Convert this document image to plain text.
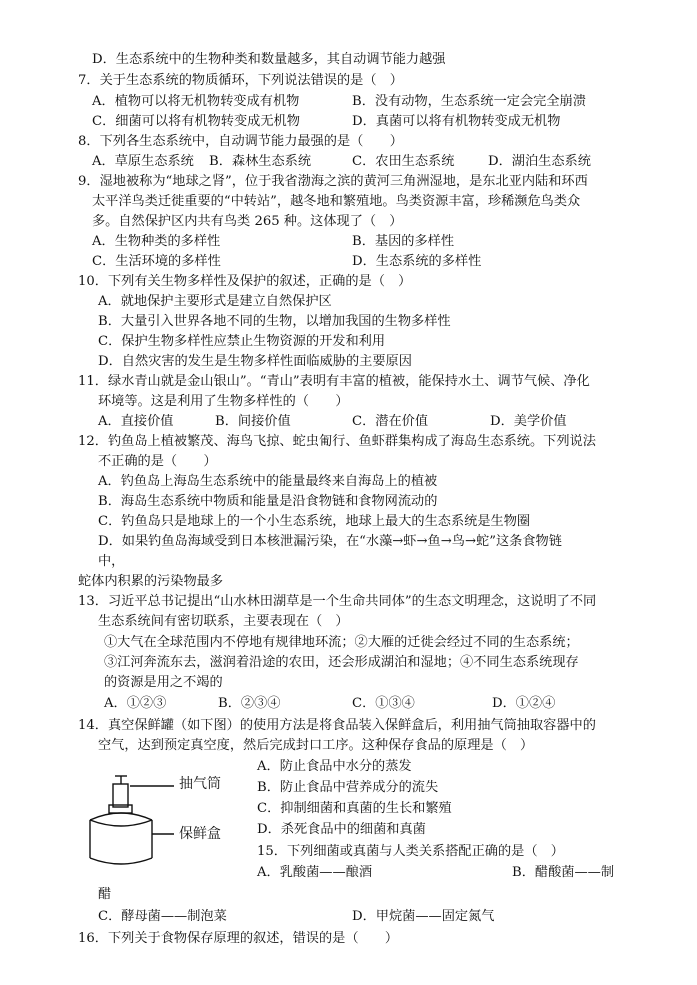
D．生态系统中的生物种类和数量越多，其自动调节能力越强
7．关于生态系统的物质循环，下列说法错误的是（　）
A．植物可以将无机物转变成有机物	B．没有动物，生态系统一定会完全崩溃
C．细菌可以将有机物转变成无机物	D．真菌可以将有机物转变成无机物
8．下列各生态系统中，自动调节能力最强的是（　　）
A．草原生态系统 B．森林生态系统	C．农田生态系统	D．湖泊生态系统
9．湿地被称为“地球之肾”，位于我省渤海之滨的黄河三角洲湿地，是东北亚内陆和环西
太平洋鸟类迁徙重要的“中转站”，越冬地和繁殖地。鸟类资源丰富，珍稀濒危鸟类众
多。自然保护区内共有鸟类 265 种。这体现了（　）
A．生物种类的多样性	B．基因的多样性
C．生活环境的多样性	D．生态系统的多样性
10．下列有关生物多样性及保护的叙述，正确的是（　）
A．就地保护主要形式是建立自然保护区
B．大量引入世界各地不同的生物，以增加我国的生物多样性
C．保护生物多样性应禁止生物资源的开发和利用
D．自然灾害的发生是生物多样性面临威胁的主要原因
11．绿水青山就是金山银山”。“青山”表明有丰富的植被，能保持水土、调节气候、净化
环境等。这是利用了生物多样性的（　　）
A．直接价值	B．间接价值	C．潜在价值	D．美学价值
12．钓鱼岛上植被繁茂、海鸟飞掠、蛇虫匍行、鱼虾群集构成了海岛生态系统。下列说法
不正确的是（　　）
A．钓鱼岛上海岛生态系统中的能量最终来自海岛上的植被
B．海岛生态系统中物质和能量是沿食物链和食物网流动的
C．钓鱼岛只是地球上的一个小生态系统，地球上最大的生态系统是生物圈
D．如果钓鱼岛海域受到日本核泄漏污染，在“水藻→虾→鱼→鸟→蛇”这条食物链
中，
蛇体内积累的污染物最多
13．习近平总书记提出“山水林田湖草是一个生命共同体”的生态文明理念，这说明了不同
生态系统间有密切联系，主要表现在（　）
①大气在全球范围内不停地有规律地环流；②大雁的迁徙会经过不同的生态系统；
③江河奔流东去，滋润着沿途的农田，还会形成湖泊和湿地；④不同生态系统现存
的资源是用之不竭的
A．①②③	B．②③④	C．①③④	D．①②④
14．真空保鲜罐（如下图）的使用方法是将食品装入保鲜盒后，利用抽气筒抽取容器中的
空气，达到预定真空度，然后完成封口工序。这种保存食品的原理是（　）
抽气筒
保鲜盒
A．防止食品中水分的蒸发
B．防止食品中营养成分的流失
C．抑制细菌和真菌的生长和繁殖
D．杀死食品中的细菌和真菌
15．下列细菌或真菌与人类关系搭配正确的是（　）
A．乳酸菌——酿酒	B．醋酸菌——制
醋
C．酵母菌——制泡菜	D．甲烷菌——固定氮气
16．下列关于食物保存原理的叙述，错误的是（　　）
